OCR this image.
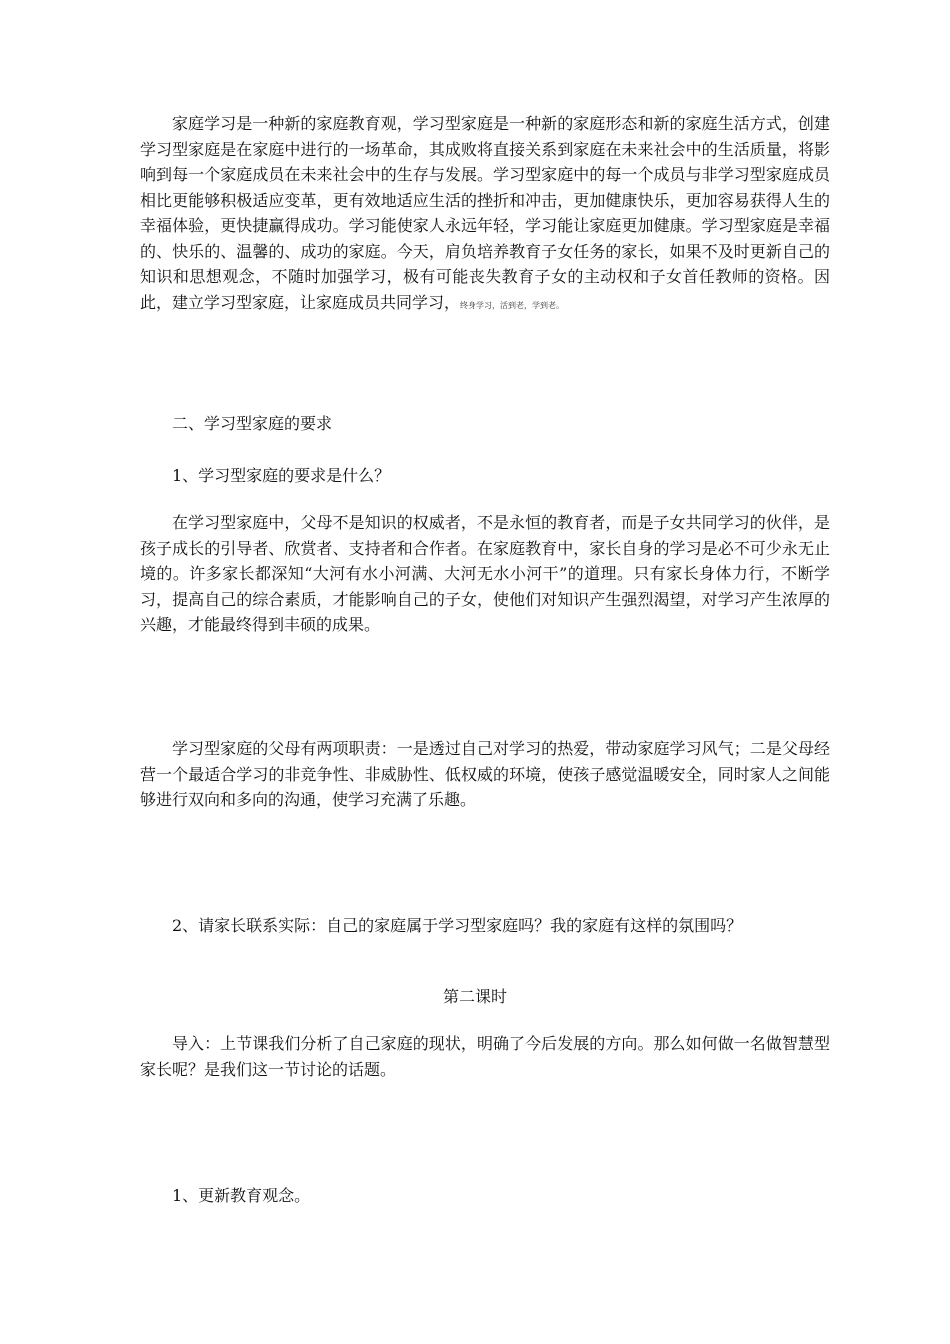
家庭学习是一种新的家庭教育观，学习型家庭是一种新的家庭形态和新的家庭生活方式，创建学习型家庭是在家庭中进行的一场革命，其成败将直接关系到家庭在未来社会中的生活质量，将影响到每一个家庭成员在未来社会中的生存与发展。学习型家庭中的每一个成员与非学习型家庭成员相比更能够积极适应变革，更有效地适应生活的挫折和冲击，更加健康快乐，更加容易获得人生的幸福体验，更快捷赢得成功。学习能使家人永远年轻，学习能让家庭更加健康。学习型家庭是幸福的、快乐的、温馨的、成功的家庭。今天，肩负培养教育子女任务的家长，如果不及时更新自己的知识和思想观念，不随时加强学习，极有可能丧失教育子女的主动权和子女首任教师的资格。因此，建立学习型家庭，让家庭成员共同学习，终身学习，活到老，学到老。

二、学习型家庭的要求

1、学习型家庭的要求是什么？

在学习型家庭中，父母不是知识的权威者，不是永恒的教育者，而是子女共同学习的伙伴，是孩子成长的引导者、欣赏者、支持者和合作者。在家庭教育中，家长自身的学习是必不可少永无止境的。许多家长都深知“大河有水小河满、大河无水小河干”的道理。只有家长身体力行，不断学习，提高自己的综合素质，才能影响自己的子女，使他们对知识产生强烈渴望，对学习产生浓厚的兴趣，才能最终得到丰硕的成果。

学习型家庭的父母有两项职责：一是透过自己对学习的热爱，带动家庭学习风气；二是父母经营一个最适合学习的非竞争性、非威胁性、低权威的环境，使孩子感觉温暖安全，同时家人之间能够进行双向和多向的沟通，使学习充满了乐趣。

2、请家长联系实际：自己的家庭属于学习型家庭吗？我的家庭有这样的氛围吗？

第二课时

导入：上节课我们分析了自己家庭的现状，明确了今后发展的方向。那么如何做一名做智慧型家长呢？是我们这一节讨论的话题。

1、更新教育观念。
